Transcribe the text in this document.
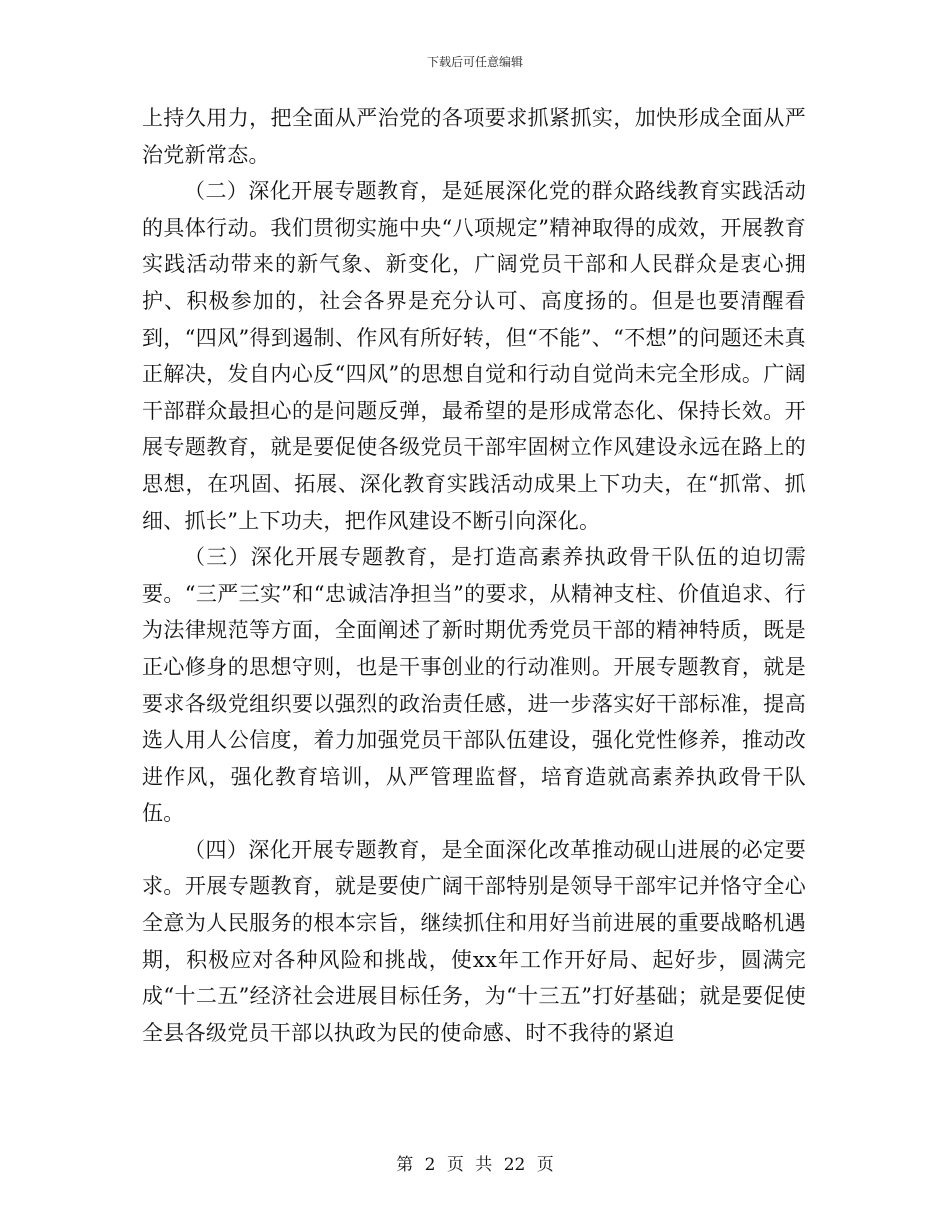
下载后可任意编辑

上持久用力，把全面从严治党的各项要求抓紧抓实，加快形成全面从严治党新常态。

（二）深化开展专题教育，是延展深化党的群众路线教育实践活动的具体行动。我们贯彻实施中央“八项规定”精神取得的成效，开展教育实践活动带来的新气象、新变化，广阔党员干部和人民群众是衷心拥护、积极参加的，社会各界是充分认可、高度扬的。但是也要清醒看到，“四风”得到遏制、作风有所好转，但“不能”、“不想”的问题还未真正解决，发自内心反“四风”的思想自觉和行动自觉尚未完全形成。广阔干部群众最担心的是问题反弹，最希望的是形成常态化、保持长效。开展专题教育，就是要促使各级党员干部牢固树立作风建设永远在路上的思想，在巩固、拓展、深化教育实践活动成果上下功夫，在“抓常、抓细、抓长”上下功夫，把作风建设不断引向深化。

（三）深化开展专题教育，是打造高素养执政骨干队伍的迫切需要。“三严三实”和“忠诚洁净担当”的要求，从精神支柱、价值追求、行为法律规范等方面，全面阐述了新时期优秀党员干部的精神特质，既是正心修身的思想守则，也是干事创业的行动准则。开展专题教育，就是要求各级党组织要以强烈的政治责任感，进一步落实好干部标准，提高选人用人公信度，着力加强党员干部队伍建设，强化党性修养，推动改进作风，强化教育培训，从严管理监督，培育造就高素养执政骨干队伍。

（四）深化开展专题教育，是全面深化改革推动砚山进展的必定要求。开展专题教育，就是要使广阔干部特别是领导干部牢记并恪守全心全意为人民服务的根本宗旨，继续抓住和用好当前进展的重要战略机遇期，积极应对各种风险和挑战，使xx年工作开好局、起好步，圆满完成“十二五”经济社会进展目标任务，为“十三五”打好基础；就是要促使全县各级党员干部以执政为民的使命感、时不我待的紧迫

第 2 页 共 22 页
